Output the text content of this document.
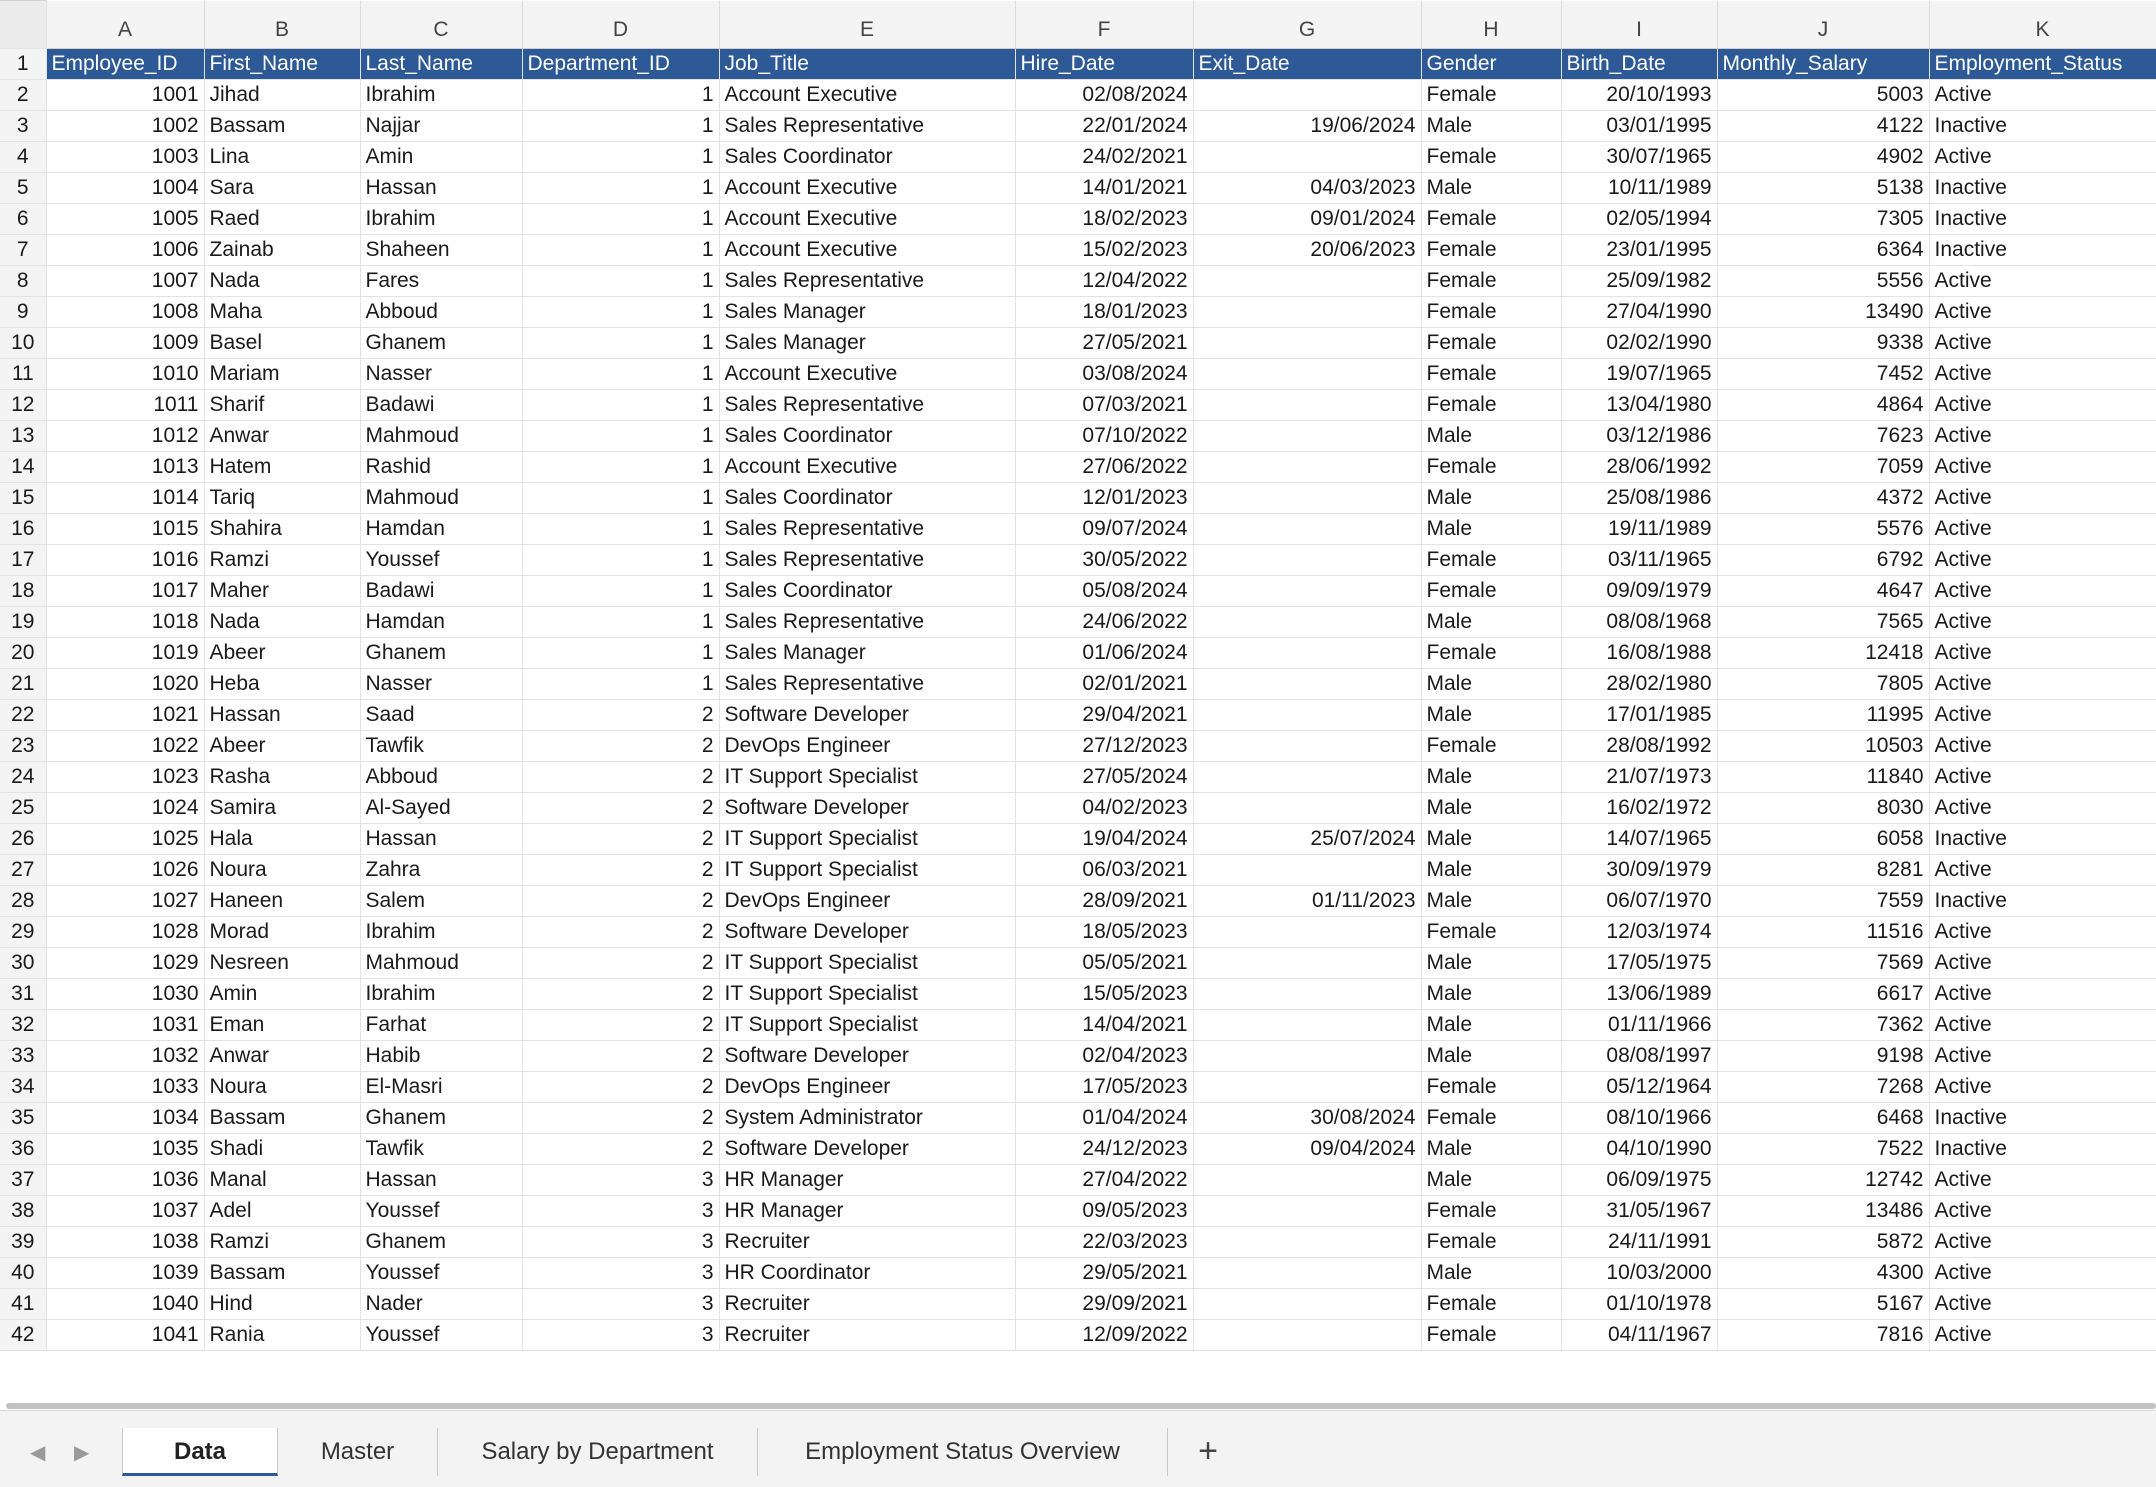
	A	B	C	D	E	F	G	H	I	J	K
1	Employee_ID	First_Name	Last_Name	Department_ID	Job_Title	Hire_Date	Exit_Date	Gender	Birth_Date	Monthly_Salary	Employment_Status
2	1001	Jihad	Ibrahim	1	Account Executive	02/08/2024		Female	20/10/1993	5003	Active
3	1002	Bassam	Najjar	1	Sales Representative	22/01/2024	19/06/2024	Male	03/01/1995	4122	Inactive
4	1003	Lina	Amin	1	Sales Coordinator	24/02/2021		Female	30/07/1965	4902	Active
5	1004	Sara	Hassan	1	Account Executive	14/01/2021	04/03/2023	Male	10/11/1989	5138	Inactive
6	1005	Raed	Ibrahim	1	Account Executive	18/02/2023	09/01/2024	Female	02/05/1994	7305	Inactive
7	1006	Zainab	Shaheen	1	Account Executive	15/02/2023	20/06/2023	Female	23/01/1995	6364	Inactive
8	1007	Nada	Fares	1	Sales Representative	12/04/2022		Female	25/09/1982	5556	Active
9	1008	Maha	Abboud	1	Sales Manager	18/01/2023		Female	27/04/1990	13490	Active
10	1009	Basel	Ghanem	1	Sales Manager	27/05/2021		Female	02/02/1990	9338	Active
11	1010	Mariam	Nasser	1	Account Executive	03/08/2024		Female	19/07/1965	7452	Active
12	1011	Sharif	Badawi	1	Sales Representative	07/03/2021		Female	13/04/1980	4864	Active
13	1012	Anwar	Mahmoud	1	Sales Coordinator	07/10/2022		Male	03/12/1986	7623	Active
14	1013	Hatem	Rashid	1	Account Executive	27/06/2022		Female	28/06/1992	7059	Active
15	1014	Tariq	Mahmoud	1	Sales Coordinator	12/01/2023		Male	25/08/1986	4372	Active
16	1015	Shahira	Hamdan	1	Sales Representative	09/07/2024		Male	19/11/1989	5576	Active
17	1016	Ramzi	Youssef	1	Sales Representative	30/05/2022		Female	03/11/1965	6792	Active
18	1017	Maher	Badawi	1	Sales Coordinator	05/08/2024		Female	09/09/1979	4647	Active
19	1018	Nada	Hamdan	1	Sales Representative	24/06/2022		Male	08/08/1968	7565	Active
20	1019	Abeer	Ghanem	1	Sales Manager	01/06/2024		Female	16/08/1988	12418	Active
21	1020	Heba	Nasser	1	Sales Representative	02/01/2021		Male	28/02/1980	7805	Active
22	1021	Hassan	Saad	2	Software Developer	29/04/2021		Male	17/01/1985	11995	Active
23	1022	Abeer	Tawfik	2	DevOps Engineer	27/12/2023		Female	28/08/1992	10503	Active
24	1023	Rasha	Abboud	2	IT Support Specialist	27/05/2024		Male	21/07/1973	11840	Active
25	1024	Samira	Al-Sayed	2	Software Developer	04/02/2023		Male	16/02/1972	8030	Active
26	1025	Hala	Hassan	2	IT Support Specialist	19/04/2024	25/07/2024	Male	14/07/1965	6058	Inactive
27	1026	Noura	Zahra	2	IT Support Specialist	06/03/2021		Male	30/09/1979	8281	Active
28	1027	Haneen	Salem	2	DevOps Engineer	28/09/2021	01/11/2023	Male	06/07/1970	7559	Inactive
29	1028	Morad	Ibrahim	2	Software Developer	18/05/2023		Female	12/03/1974	11516	Active
30	1029	Nesreen	Mahmoud	2	IT Support Specialist	05/05/2021		Male	17/05/1975	7569	Active
31	1030	Amin	Ibrahim	2	IT Support Specialist	15/05/2023		Male	13/06/1989	6617	Active
32	1031	Eman	Farhat	2	IT Support Specialist	14/04/2021		Male	01/11/1966	7362	Active
33	1032	Anwar	Habib	2	Software Developer	02/04/2023		Male	08/08/1997	9198	Active
34	1033	Noura	El-Masri	2	DevOps Engineer	17/05/2023		Female	05/12/1964	7268	Active
35	1034	Bassam	Ghanem	2	System Administrator	01/04/2024	30/08/2024	Female	08/10/1966	6468	Inactive
36	1035	Shadi	Tawfik	2	Software Developer	24/12/2023	09/04/2024	Male	04/10/1990	7522	Inactive
37	1036	Manal	Hassan	3	HR Manager	27/04/2022		Male	06/09/1975	12742	Active
38	1037	Adel	Youssef	3	HR Manager	09/05/2023		Female	31/05/1967	13486	Active
39	1038	Ramzi	Ghanem	3	Recruiter	22/03/2023		Female	24/11/1991	5872	Active
40	1039	Bassam	Youssef	3	HR Coordinator	29/05/2021		Male	10/03/2000	4300	Active
41	1040	Hind	Nader	3	Recruiter	29/09/2021		Female	01/10/1978	5167	Active
42	1041	Rania	Youssef	3	Recruiter	12/09/2022		Female	04/11/1967	7816	Active
◀ ▶	Data	Master	Salary by Department	Employment Status Overview	+
